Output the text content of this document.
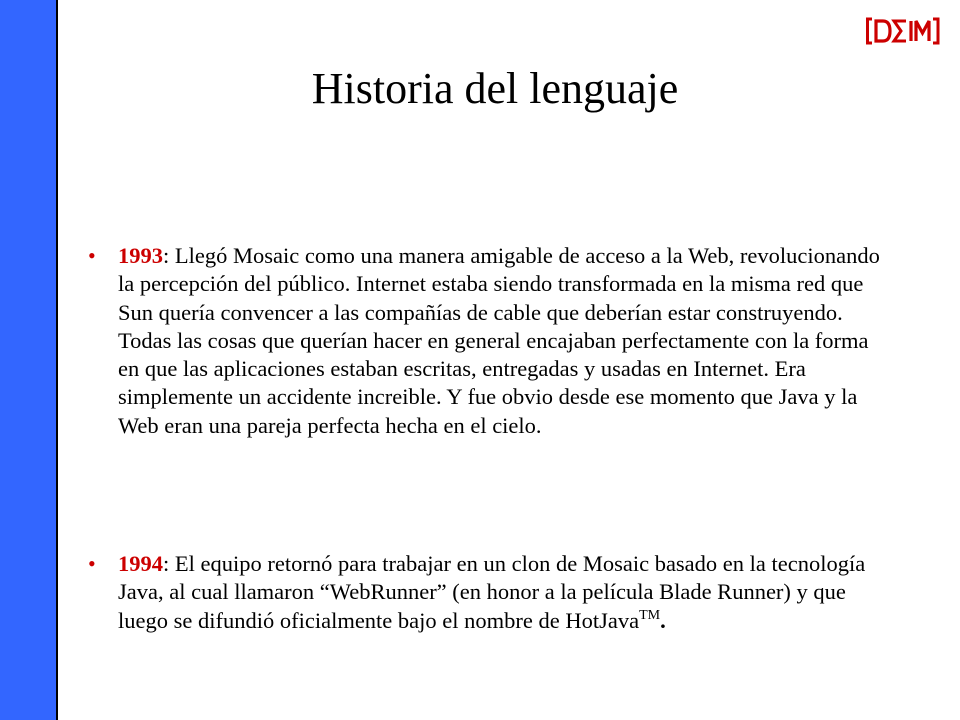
Historia del lenguaje
• 1993: Llegó Mosaic como una manera amigable de acceso a la Web, revolucionando la percepción del público. Internet estaba siendo transformada en la misma red que Sun quería convencer a las compañías de cable que deberían estar construyendo. Todas las cosas que querían hacer en general encajaban perfectamente con la forma en que las aplicaciones estaban escritas, entregadas y usadas en Internet. Era simplemente un accidente increible. Y fue obvio desde ese momento que Java y la Web eran una pareja perfecta hecha en el cielo.
• 1994: El equipo retornó para trabajar en un clon de Mosaic basado en la tecnología Java, al cual llamaron “WebRunner” (en honor a la película Blade Runner) y que luego se difundió oficialmente bajo el nombre de HotJava™.
